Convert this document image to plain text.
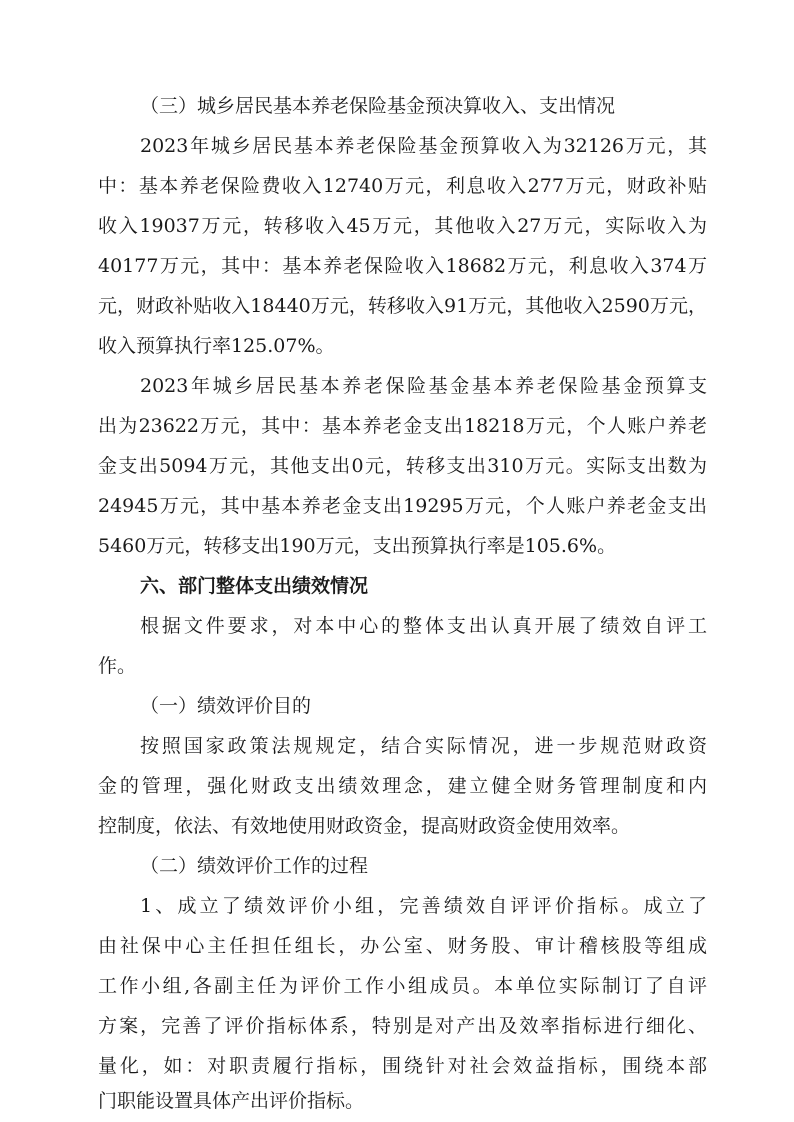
（三）城乡居民基本养老保险基金预决算收入、支出情况
2023年城乡居民基本养老保险基金预算收入为32126万元，其
中：基本养老保险费收入12740万元，利息收入277万元，财政补贴
收入19037万元，转移收入45万元，其他收入27万元，实际收入为
40177万元，其中：基本养老保险收入18682万元，利息收入374万
元，财政补贴收入18440万元，转移收入91万元，其他收入2590万元，
收入预算执行率125.07%。
2023年城乡居民基本养老保险基金基本养老保险基金预算支
出为23622万元，其中：基本养老金支出18218万元，个人账户养老
金支出5094万元，其他支出0元，转移支出310万元。实际支出数为
24945万元，其中基本养老金支出19295万元，个人账户养老金支出
5460万元，转移支出190万元，支出预算执行率是105.6%。
六、部门整体支出绩效情况
根据文件要求，对本中心的整体支出认真开展了绩效自评工
作。
（一）绩效评价目的
按照国家政策法规规定，结合实际情况，进一步规范财政资
金的管理，强化财政支出绩效理念，建立健全财务管理制度和内
控制度，依法、有效地使用财政资金，提高财政资金使用效率。
（二）绩效评价工作的过程
1、成立了绩效评价小组，完善绩效自评评价指标。成立了
由社保中心主任担任组长，办公室、财务股、审计稽核股等组成
工作小组,各副主任为评价工作小组成员。本单位实际制订了自评
方案，完善了评价指标体系，特别是对产出及效率指标进行细化、
量化，如：对职责履行指标，围绕针对社会效益指标，围绕本部
门职能设置具体产出评价指标。
